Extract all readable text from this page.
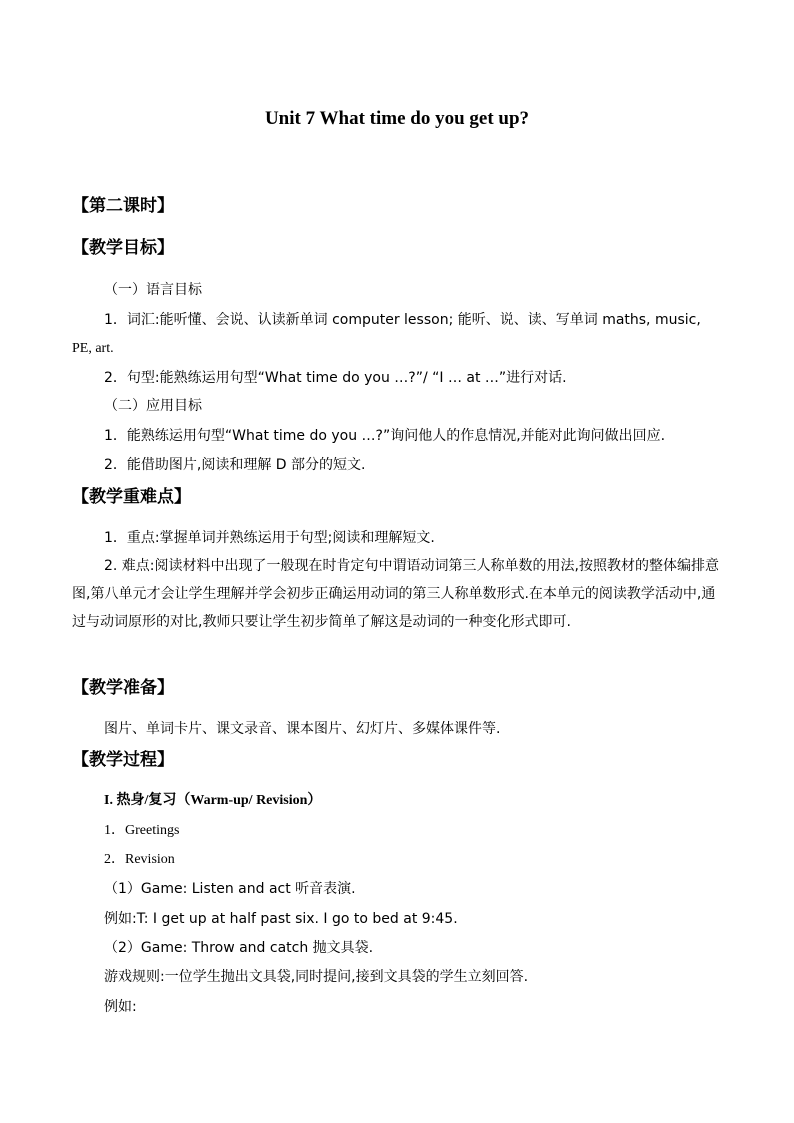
Unit 7 What time do you get up?
【第二课时】
【教学目标】
（一）语言目标
1．词汇:能听懂、会说、认读新单词 computer lesson; 能听、说、读、写单词 maths, music,
PE, art.
2．句型:能熟练运用句型“What time do you …?”/ “I … at …”进行对话.
（二）应用目标
1．能熟练运用句型“What time do you …?”询问他人的作息情况,并能对此询问做出回应.
2．能借助图片,阅读和理解 D 部分的短文.
【教学重难点】
1．重点:掌握单词并熟练运用于句型;阅读和理解短文.
2. 难点:阅读材料中出现了一般现在时肯定句中谓语动词第三人称单数的用法,按照教材的整体编排意图,第八单元才会让学生理解并学会初步正确运用动词的第三人称单数形式.在本单元的阅读教学活动中,通过与动词原形的对比,教师只要让学生初步简单了解这是动词的一种变化形式即可.
【教学准备】
图片、单词卡片、课文录音、课本图片、幻灯片、多媒体课件等.
【教学过程】
I. 热身/复习（Warm-up/ Revision）
1．Greetings
2．Revision
（1）Game: Listen and act 听音表演.
例如:T: I get up at half past six. I go to bed at 9:45.
（2）Game: Throw and catch 抛文具袋.
游戏规则:一位学生抛出文具袋,同时提问,接到文具袋的学生立刻回答.
例如:
